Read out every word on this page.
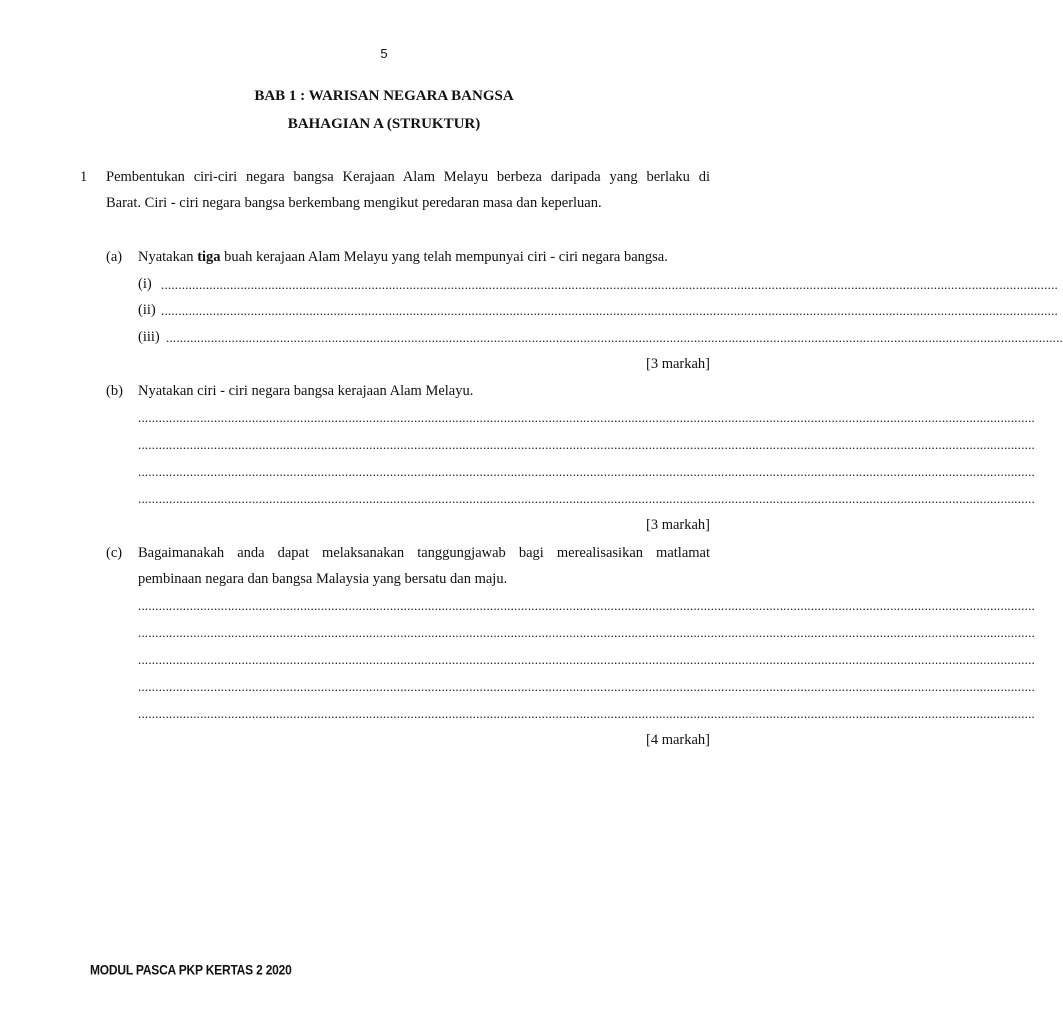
5
BAB 1 : WARISAN NEGARA BANGSA
BAHAGIAN A (STRUKTUR)
1 Pembentukan ciri-ciri negara bangsa Kerajaan Alam Melayu berbeza daripada yang berlaku di
Barat. Ciri - ciri negara bangsa berkembang mengikut peredaran masa dan keperluan.
(a) Nyatakan tiga buah kerajaan Alam Melayu yang telah mempunyai ciri - ciri negara bangsa.
(i) ....................................................................................................................................................................................................................................................................
(ii) ....................................................................................................................................................................................................................................................................
(iii) ....................................................................................................................................................................................................................................................................
[3 markah]
(b) Nyatakan ciri - ciri negara bangsa kerajaan Alam Melayu.
....................................................................................................................................................................................................................................................................
....................................................................................................................................................................................................................................................................
....................................................................................................................................................................................................................................................................
....................................................................................................................................................................................................................................................................
[3 markah]
(c) Bagaimanakah anda dapat melaksanakan tanggungjawab bagi merealisasikan matlamat
pembinaan negara dan bangsa Malaysia yang bersatu dan maju.
....................................................................................................................................................................................................................................................................
....................................................................................................................................................................................................................................................................
....................................................................................................................................................................................................................................................................
....................................................................................................................................................................................................................................................................
....................................................................................................................................................................................................................................................................
[4 markah]
MODUL PASCA PKP KERTAS 2 2020
